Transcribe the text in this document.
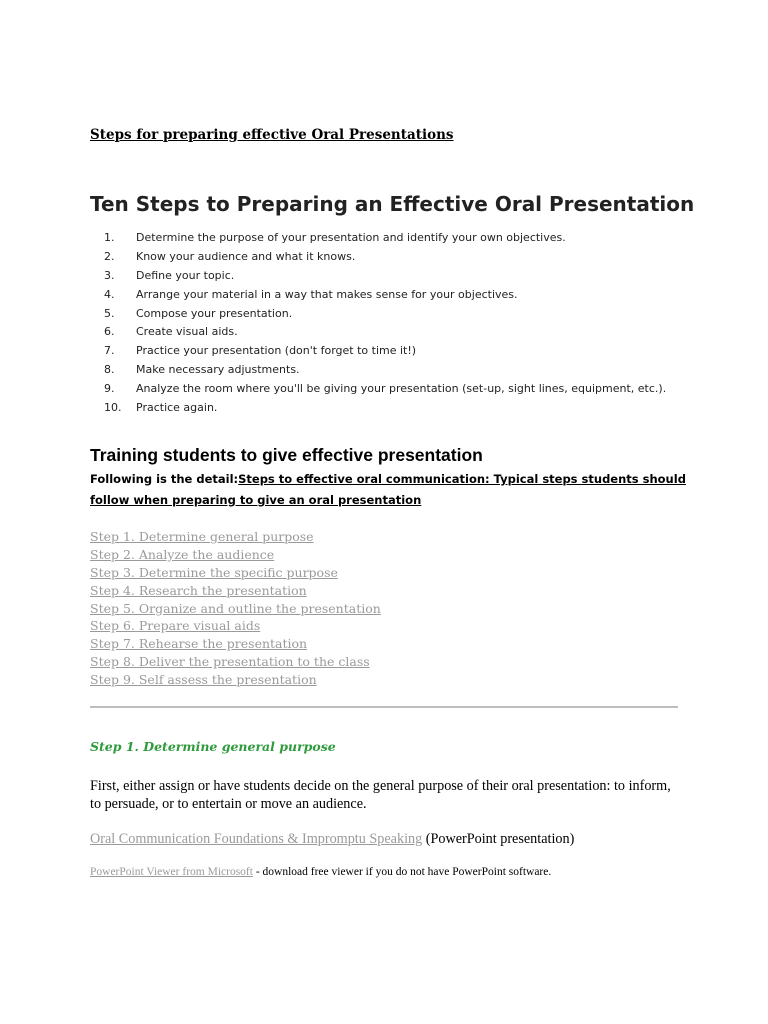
Steps for preparing effective Oral Presentations

Ten Steps to Preparing an Effective Oral Presentation
1. Determine the purpose of your presentation and identify your own objectives.
2. Know your audience and what it knows.
3. Define your topic.
4. Arrange your material in a way that makes sense for your objectives.
5. Compose your presentation.
6. Create visual aids.
7. Practice your presentation (don't forget to time it!)
8. Make necessary adjustments.
9. Analyze the room where you'll be giving your presentation (set-up, sight lines, equipment, etc.).
10. Practice again.
Training students to give effective presentation

Following is the detail:Steps to effective oral communication: Typical steps students should follow when preparing to give an oral presentation

Step 1. Determine general purpose
Step 2. Analyze the audience
Step 3. Determine the specific purpose
Step 4. Research the presentation
Step 5. Organize and outline the presentation
Step 6. Prepare visual aids
Step 7. Rehearse the presentation
Step 8. Deliver the presentation to the class
Step 9. Self assess the presentation
Step 1. Determine general purpose

First, either assign or have students decide on the general purpose of their oral presentation: to inform, to persuade, or to entertain or move an audience.

Oral Communication Foundations & Impromptu Speaking (PowerPoint presentation)

PowerPoint Viewer from Microsoft - download free viewer if you do not have PowerPoint software.
